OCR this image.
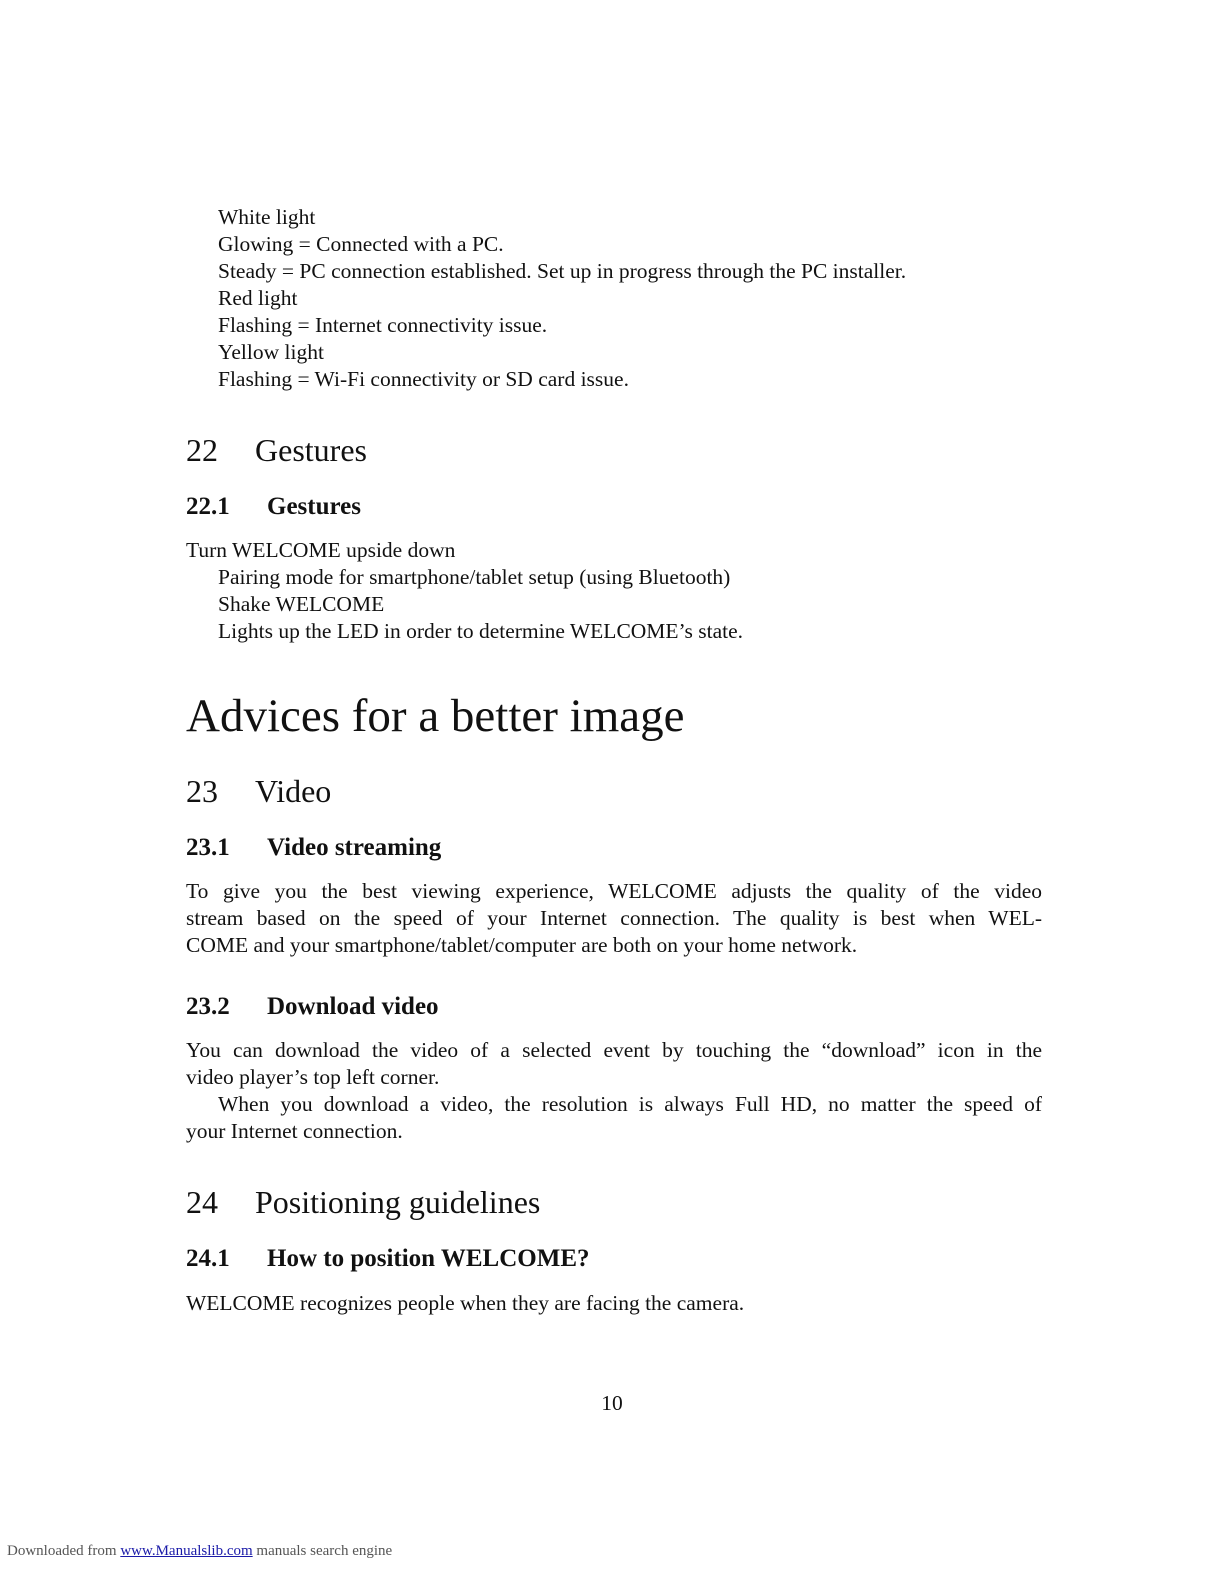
White light
Glowing = Connected with a PC.
Steady = PC connection established. Set up in progress through the PC installer.
Red light
Flashing = Internet connectivity issue.
Yellow light
Flashing = Wi-Fi connectivity or SD card issue.
22 Gestures
22.1 Gestures
Turn WELCOME upside down
Pairing mode for smartphone/tablet setup (using Bluetooth)
Shake WELCOME
Lights up the LED in order to determine WELCOME’s state.
Advices for a better image
23 Video
23.1 Video streaming
To give you the best viewing experience, WELCOME adjusts the quality of the video
stream based on the speed of your Internet connection. The quality is best when WEL-
COME and your smartphone/tablet/computer are both on your home network.
23.2 Download video
You can download the video of a selected event by touching the “download” icon in the
video player’s top left corner.
When you download a video, the resolution is always Full HD, no matter the speed of
your Internet connection.
24 Positioning guidelines
24.1 How to position WELCOME?
WELCOME recognizes people when they are facing the camera.
10
Downloaded from www.Manualslib.com manuals search engine
